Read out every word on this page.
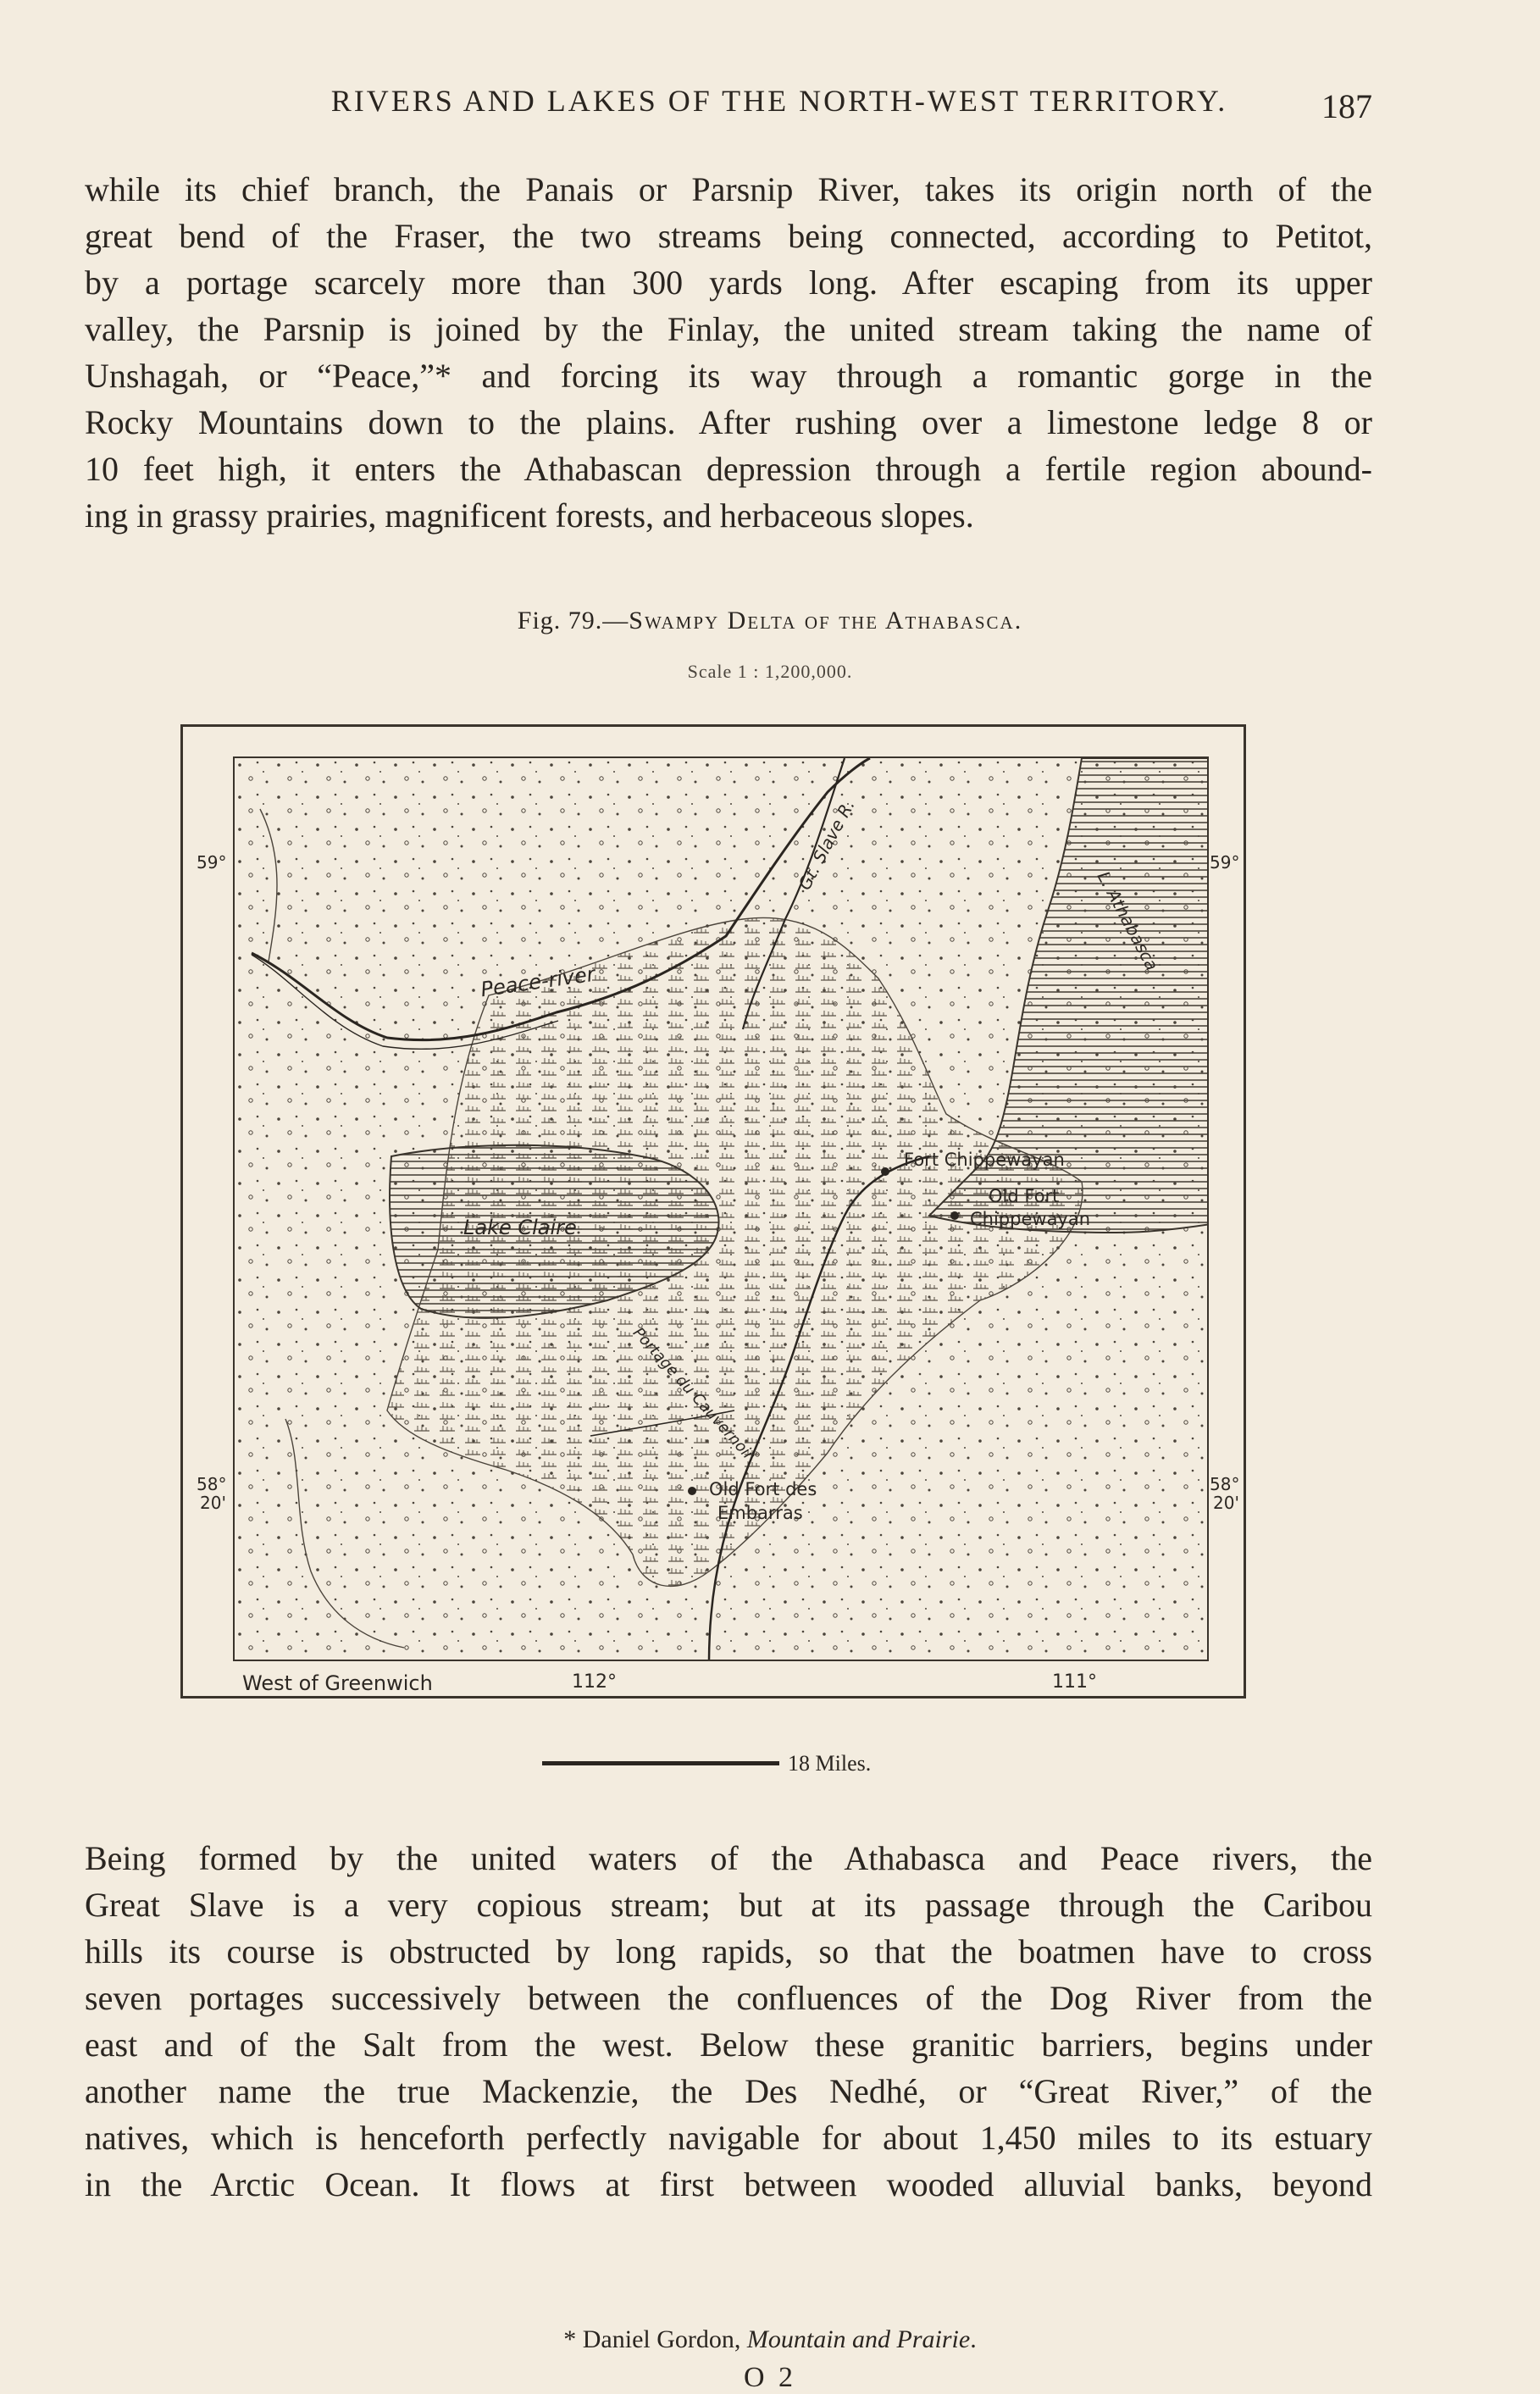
RIVERS AND LAKES OF THE NORTH-WEST TERRITORY.	187
while its chief branch, the Panais or Parsnip River, takes its origin north of the
great bend of the Fraser, the two streams being connected, according to Petitot,
by a portage scarcely more than 300 yards long. After escaping from its upper
valley, the Parsnip is joined by the Finlay, the united stream taking the name of
Unshagah, or “Peace,”* and forcing its way through a romantic gorge in the
Rocky Mountains down to the plains. After rushing over a limestone ledge 8 or
10 feet high, it enters the Athabascan depression through a fertile region abound-
ing in grassy prairies, magnificent forests, and herbaceous slopes.
Fig. 79.—Swampy Delta of the Athabasca.
Scale 1 : 1,200,000.
Peace-river
Lake Claire
Gt. Slave R.
L. Athabasca
Fort Chippewayan
Old Fort
Chippewayan
Portage du Cauvernoir
Old Fort des
Embarras
59°	59°
58°
20'
58°
20'
West of Greenwich	112°	111°
18 Miles.
Being formed by the united waters of the Athabasca and Peace rivers, the
Great Slave is a very copious stream; but at its passage through the Caribou
hills its course is obstructed by long rapids, so that the boatmen have to cross
seven portages successively between the confluences of the Dog River from the
east and of the Salt from the west. Below these granitic barriers, begins under
another name the true Mackenzie, the Des Nedhé, or “Great River,” of the
natives, which is henceforth perfectly navigable for about 1,450 miles to its estuary
in the Arctic Ocean. It flows at first between wooded alluvial banks, beyond
* Daniel Gordon, Mountain and Prairie.
O 2
